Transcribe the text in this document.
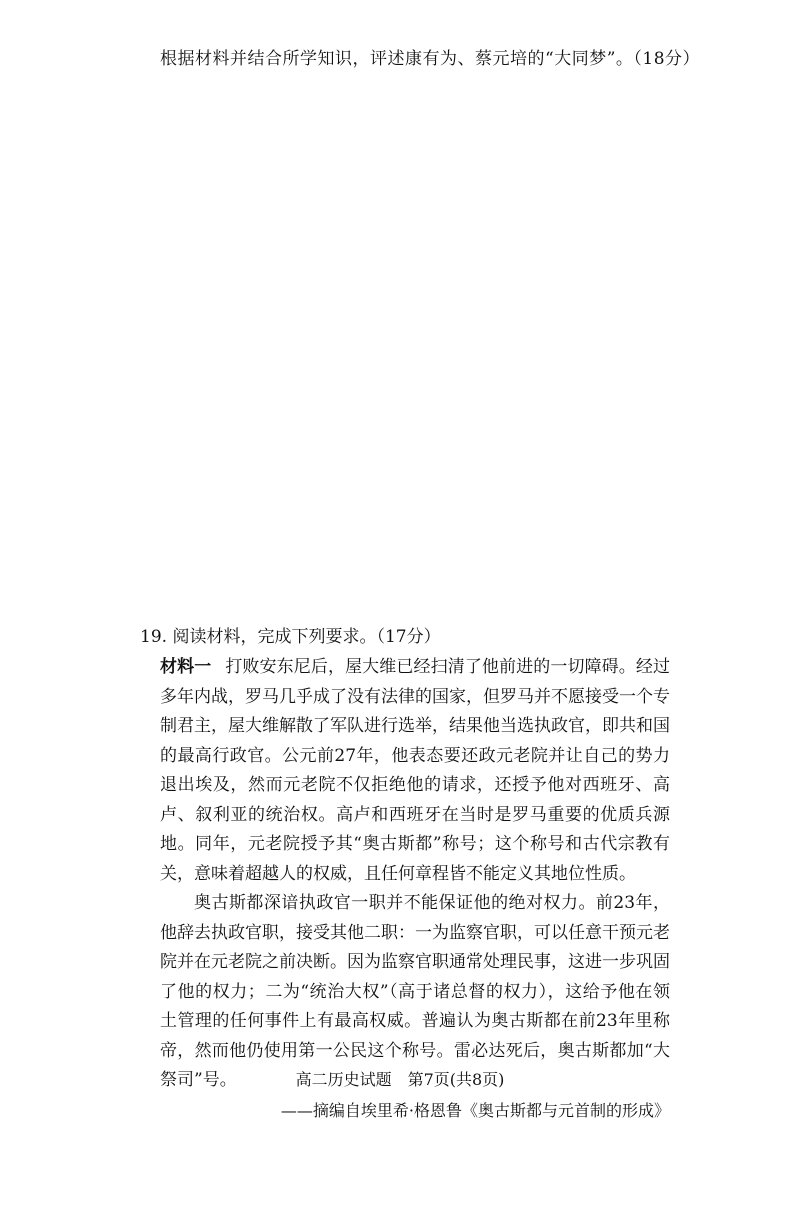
根据材料并结合所学知识，评述康有为、蔡元培的“大同梦”。（18分）

19. 阅读材料，完成下列要求。（17分）

材料一 打败安东尼后，屋大维已经扫清了他前进的一切障碍。经过多年内战，罗马几乎成了没有法律的国家，但罗马并不愿接受一个专制君主，屋大维解散了军队进行选举，结果他当选执政官，即共和国的最高行政官。公元前27年，他表态要还政元老院并让自己的势力退出埃及，然而元老院不仅拒绝他的请求，还授予他对西班牙、高卢、叙利亚的统治权。高卢和西班牙在当时是罗马重要的优质兵源地。同年，元老院授予其“奥古斯都”称号；这个称号和古代宗教有关，意味着超越人的权威，且任何章程皆不能定义其地位性质。

奥古斯都深谙执政官一职并不能保证他的绝对权力。前23年，他辞去执政官职，接受其他二职：一为监察官职，可以任意干预元老院并在元老院之前决断。因为监察官职通常处理民事，这进一步巩固了他的权力；二为“统治大权”（高于诸总督的权力），这给予他在领土管理的任何事件上有最高权威。普遍认为奥古斯都在前23年里称帝，然而他仍使用第一公民这个称号。雷必达死后，奥古斯都加“大祭司”号。

——摘编自埃里希·格恩鲁《奥古斯都与元首制的形成》

高二历史试题　第7页(共8页)
